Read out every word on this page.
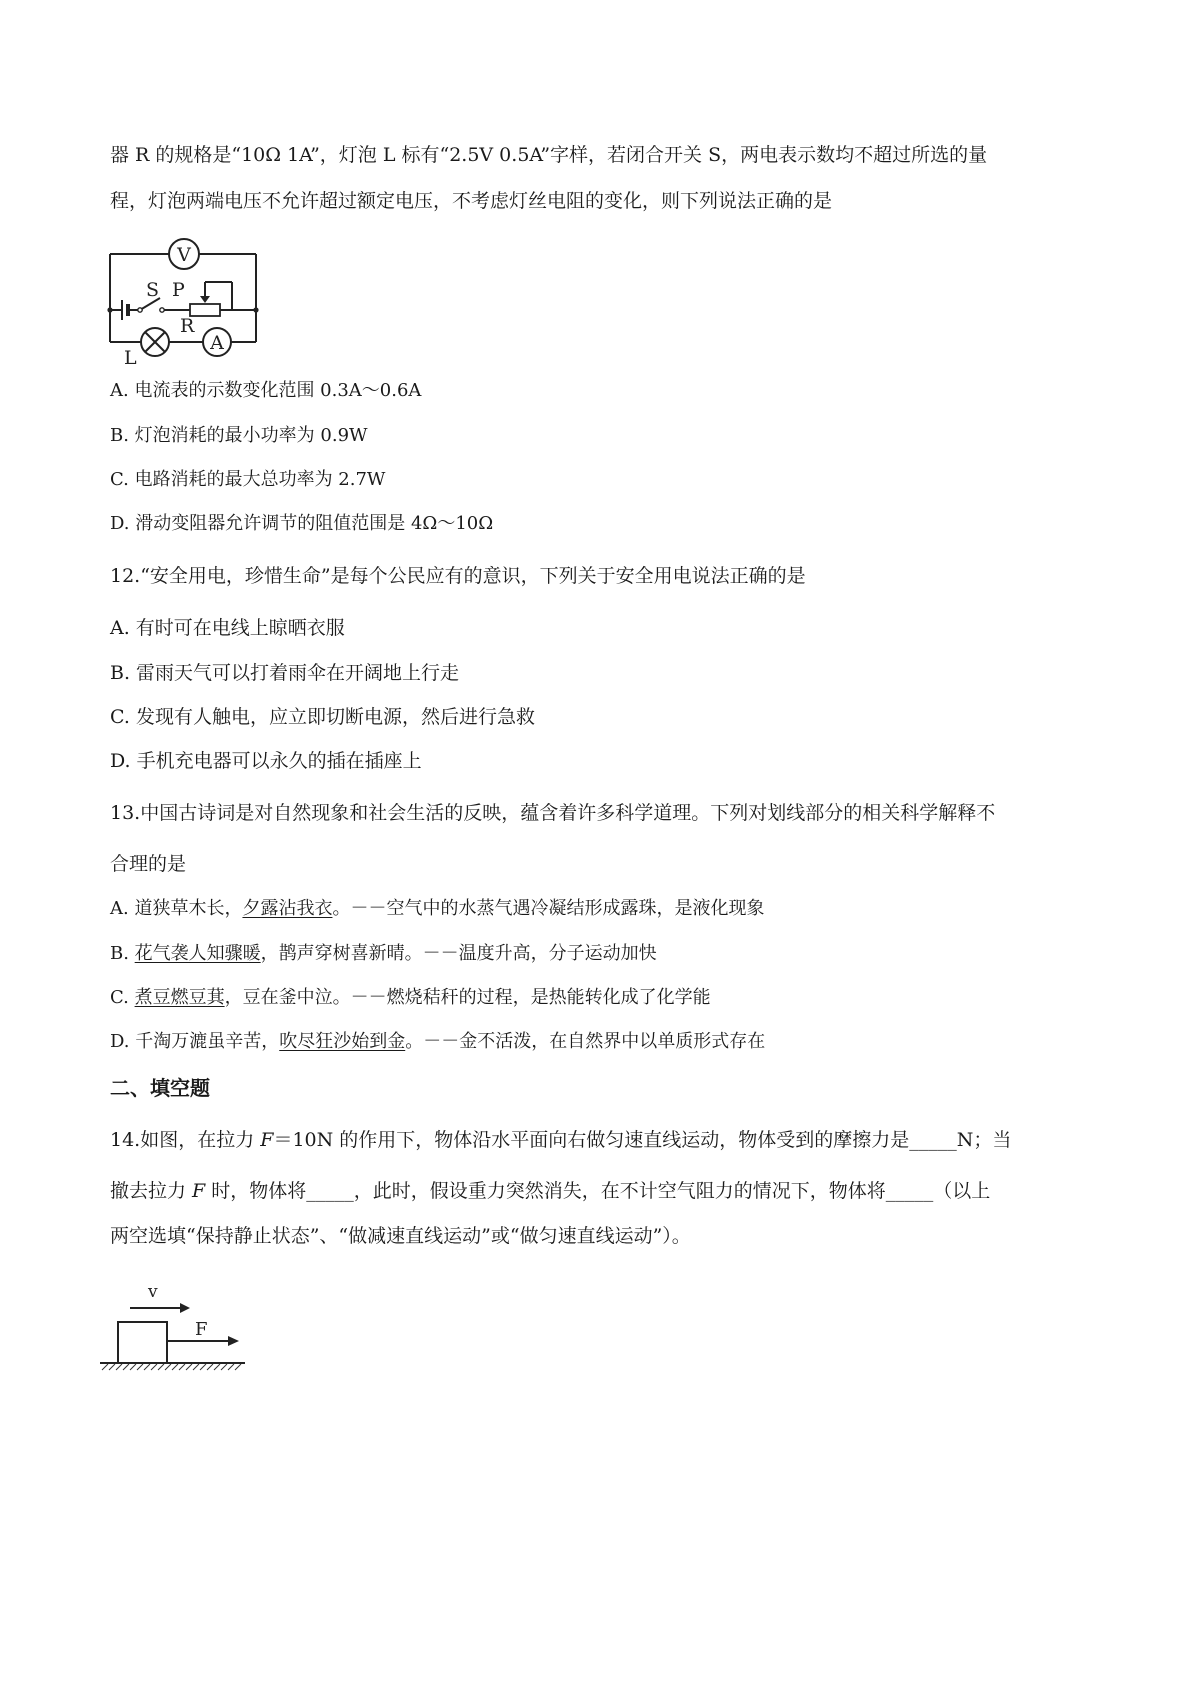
器 R 的规格是“10Ω 1A”，灯泡 L 标有“2.5V 0.5A”字样，若闭合开关 S，两电表示数均不超过所选的量
程，灯泡两端电压不允许超过额定电压，不考虑灯丝电阻的变化，则下列说法正确的是
V
A
S P
R
L
A. 电流表的示数变化范围 0.3A～0.6A
B. 灯泡消耗的最小功率为 0.9W
C. 电路消耗的最大总功率为 2.7W
D. 滑动变阻器允许调节的阻值范围是 4Ω～10Ω
12.“安全用电，珍惜生命”是每个公民应有的意识，下列关于安全用电说法正确的是
A. 有时可在电线上晾晒衣服
B. 雷雨天气可以打着雨伞在开阔地上行走
C. 发现有人触电，应立即切断电源，然后进行急救
D. 手机充电器可以永久的插在插座上
13.中国古诗词是对自然现象和社会生活的反映，蕴含着许多科学道理。下列对划线部分的相关科学解释不
合理的是
A. 道狭草木长，夕露沾我衣。－－空气中的水蒸气遇冷凝结形成露珠，是液化现象
B. 花气袭人知骤暖，鹊声穿树喜新晴。－－温度升高，分子运动加快
C. 煮豆燃豆萁，豆在釜中泣。－－燃烧秸秆的过程，是热能转化成了化学能
D. 千淘万漉虽辛苦，吹尽狂沙始到金。－－金不活泼，在自然界中以单质形式存在
二、填空题
14.如图，在拉力 F＝10N 的作用下，物体沿水平面向右做匀速直线运动，物体受到的摩擦力是_____N；当
撤去拉力 F 时，物体将_____，此时，假设重力突然消失，在不计空气阻力的情况下，物体将_____（以上
两空选填“保持静止状态”、“做减速直线运动”或“做匀速直线运动”）。
v
F
